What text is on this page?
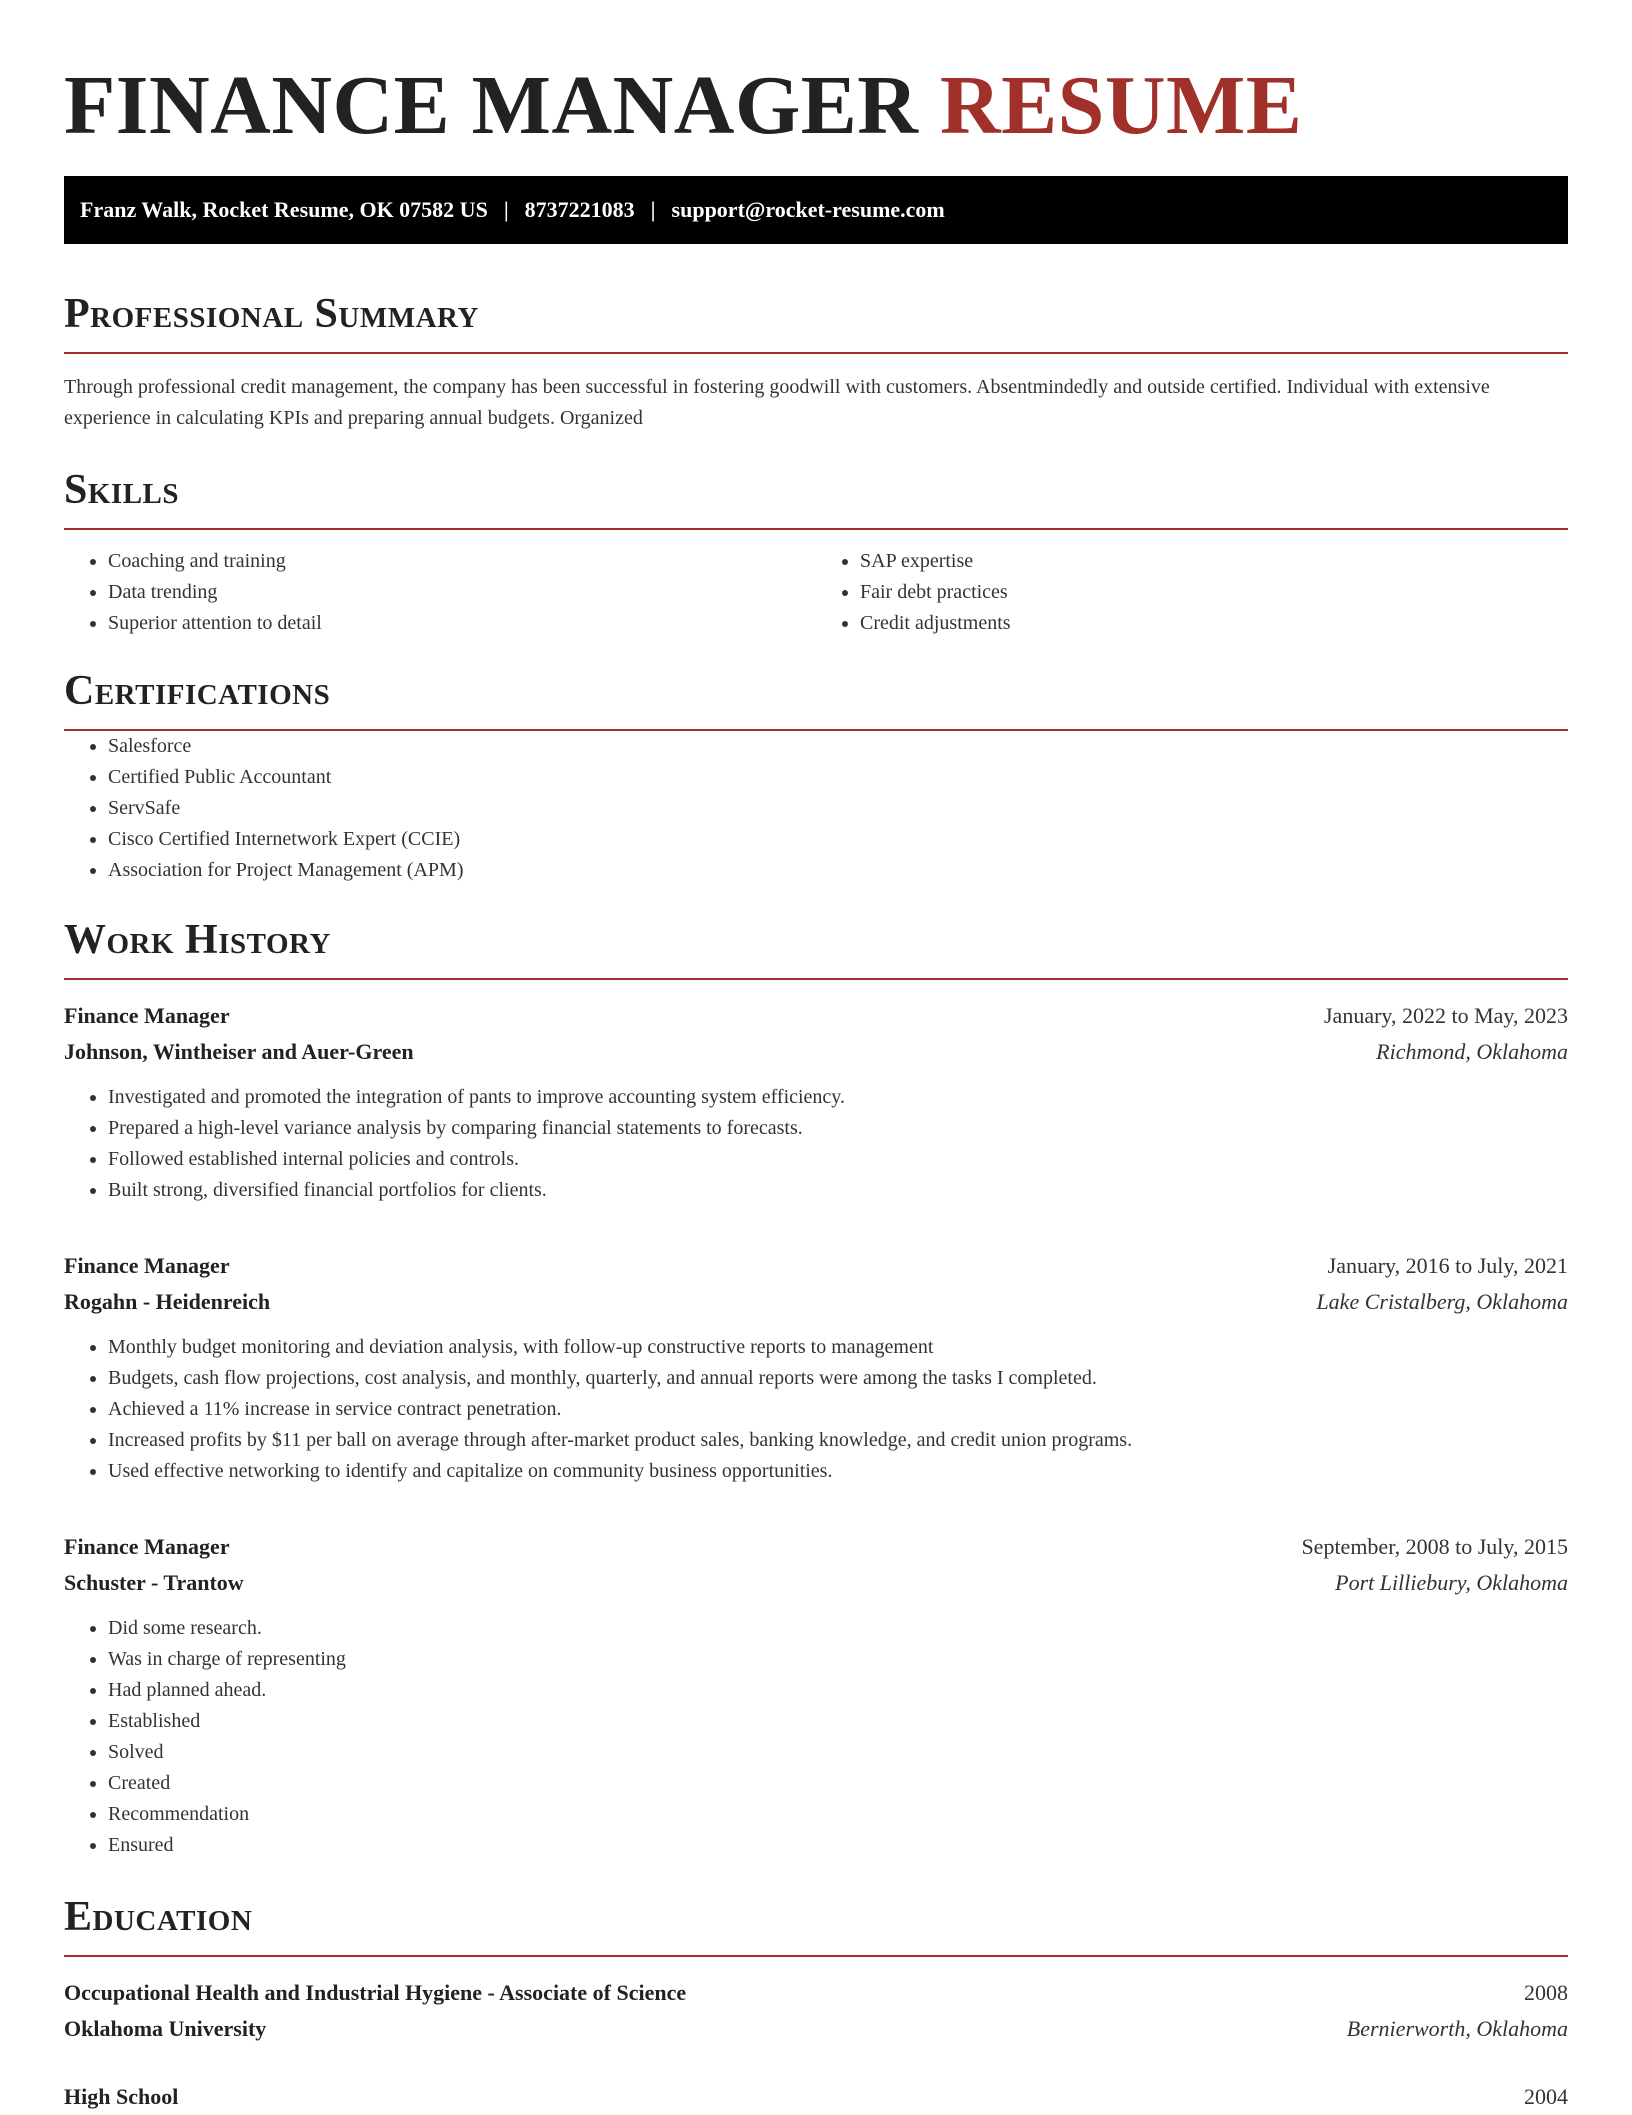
FINANCE MANAGER RESUME
Franz Walk, Rocket Resume, OK 07582 US | 8737221083 | support@rocket-resume.com
Professional Summary

Through professional credit management, the company has been successful in fostering goodwill with customers. Absentmindedly and outside certified. Individual with extensive experience in calculating KPIs and preparing annual budgets. Organized

Skills
• Coaching and training
• Data trending
• Superior attention to detail
• SAP expertise
• Fair debt practices
• Credit adjustments
Certifications
• Salesforce
• Certified Public Accountant
• ServSafe
• Cisco Certified Internetwork Expert (CCIE)
• Association for Project Management (APM)
Work History
Finance Manager	January, 2022 to May, 2023
Johnson, Wintheiser and Auer-Green	Richmond, Oklahoma
• Investigated and promoted the integration of pants to improve accounting system efficiency.
• Prepared a high-level variance analysis by comparing financial statements to forecasts.
• Followed established internal policies and controls.
• Built strong, diversified financial portfolios for clients.
Finance Manager	January, 2016 to July, 2021
Rogahn - Heidenreich	Lake Cristalberg, Oklahoma
• Monthly budget monitoring and deviation analysis, with follow-up constructive reports to management
• Budgets, cash flow projections, cost analysis, and monthly, quarterly, and annual reports were among the tasks I completed.
• Achieved a 11% increase in service contract penetration.
• Increased profits by $11 per ball on average through after-market product sales, banking knowledge, and credit union programs.
• Used effective networking to identify and capitalize on community business opportunities.
Finance Manager	September, 2008 to July, 2015
Schuster - Trantow	Port Lilliebury, Oklahoma
• Did some research.
• Was in charge of representing
• Had planned ahead.
• Established
• Solved
• Created
• Recommendation
• Ensured
Education
Occupational Health and Industrial Hygiene - Associate of Science	2008
Oklahoma University	Bernierworth, Oklahoma
High School	2004
